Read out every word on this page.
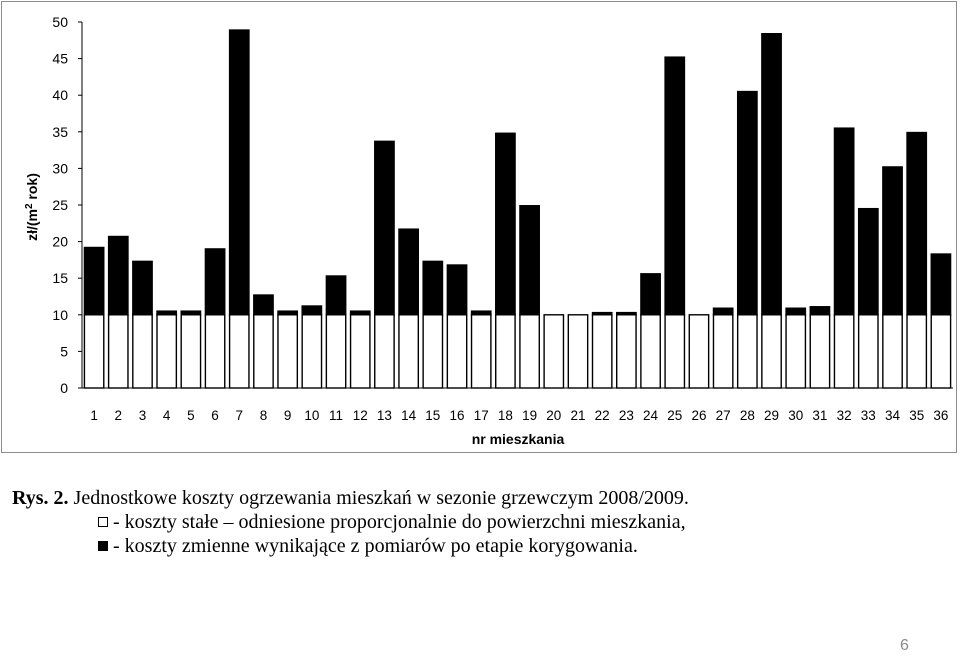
0
5
10
15
20
25
30
35
40
45
50
1 2 3 4 5 6 7 8 9 10 11 12 13 14 15 16 17 18 19 20 21 22 23 24 25 26 27 28 29 30 31 32 33 34 35 36
nr mieszkania
$zł/(m^2$ rok)
Rys. 2. Jednostkowe koszty ogrzewania mieszkań w sezonie grzewczym 2008/2009.
- koszty stałe – odniesione proporcjonalnie do powierzchni mieszkania,
- koszty zmienne wynikające z pomiarów po etapie korygowania.
6
